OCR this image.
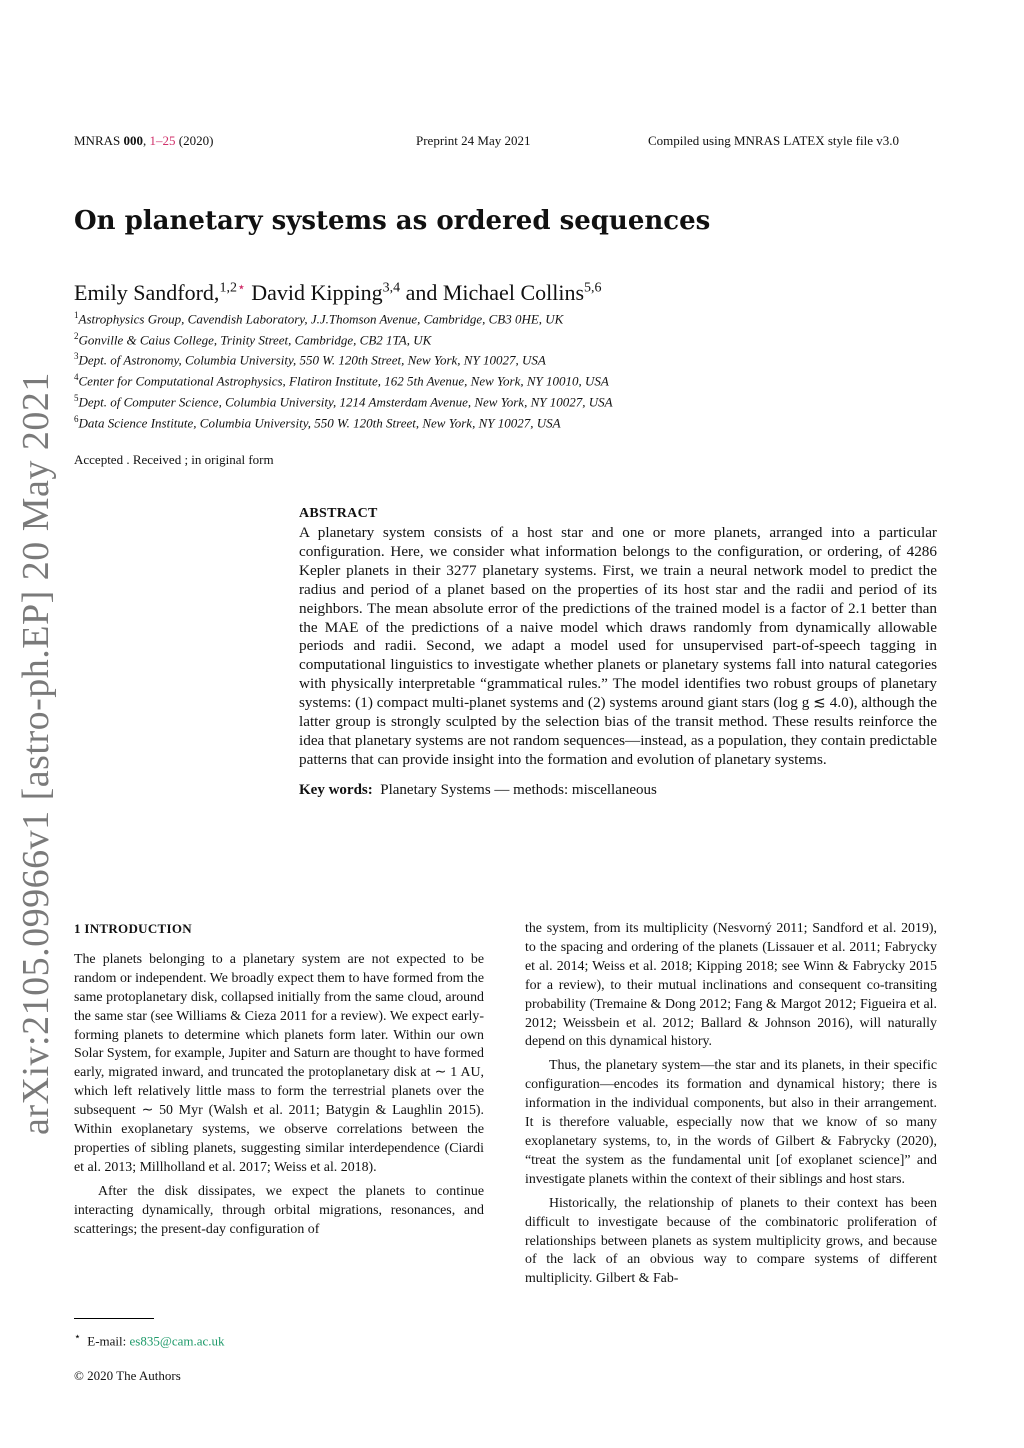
MNRAS 000, 1–25 (2020)	Preprint 24 May 2021	Compiled using MNRAS LATEX style file v3.0
arXiv:2105.09966v1 [astro-ph.EP] 20 May 2021
On planetary systems as ordered sequences
Emily Sandford,$^{1,2⋆}$ David Kipping$^{3,4}$ and Michael Collins$^{5,6}$
$^1$Astrophysics Group, Cavendish Laboratory, J.J.Thomson Avenue, Cambridge, CB3 0HE, UK
$^2$Gonville & Caius College, Trinity Street, Cambridge, CB2 1TA, UK
$^3$Dept. of Astronomy, Columbia University, 550 W. 120th Street, New York, NY 10027, USA
$^4$Center for Computational Astrophysics, Flatiron Institute, 162 5th Avenue, New York, NY 10010, USA
$^5$Dept. of Computer Science, Columbia University, 1214 Amsterdam Avenue, New York, NY 10027, USA
$^6$Data Science Institute, Columbia University, 550 W. 120th Street, New York, NY 10027, USA
Accepted . Received ; in original form
ABSTRACT

A planetary system consists of a host star and one or more planets, arranged into a particular configuration. Here, we consider what information belongs to the configuration, or ordering, of 4286 Kepler planets in their 3277 planetary systems. First, we train a neural network model to predict the radius and period of a planet based on the properties of its host star and the radii and period of its neighbors. The mean absolute error of the predictions of the trained model is a factor of 2.1 better than the MAE of the predictions of a naive model which draws randomly from dynamically allowable periods and radii. Second, we adapt a model used for unsupervised part-of-speech tagging in computational linguistics to investigate whether planets or planetary systems fall into natural categories with physically interpretable “grammatical rules.” The model identifies two robust groups of planetary systems: (1) compact multi-planet systems and (2) systems around giant stars (log g ≲ 4.0), although the latter group is strongly sculpted by the selection bias of the transit method. These results reinforce the idea that planetary systems are not random sequences—instead, as a population, they contain predictable patterns that can provide insight into the formation and evolution of planetary systems.

Key words: Planetary Systems — methods: miscellaneous
1 INTRODUCTION

The planets belonging to a planetary system are not expected to be random or independent. We broadly expect them to have formed from the same protoplanetary disk, collapsed initially from the same cloud, around the same star (see Williams & Cieza 2011 for a review). We expect early-forming planets to determine which planets form later. Within our own Solar System, for example, Jupiter and Saturn are thought to have formed early, migrated inward, and truncated the protoplanetary disk at ∼ 1 AU, which left relatively little mass to form the terrestrial planets over the subsequent ∼ 50 Myr (Walsh et al. 2011; Batygin & Laughlin 2015). Within exoplanetary systems, we observe correlations between the properties of sibling planets, suggesting similar interdependence (Ciardi et al. 2013; Millholland et al. 2017; Weiss et al. 2018).

After the disk dissipates, we expect the planets to continue interacting dynamically, through orbital migrations, resonances, and scatterings; the present-day configuration of

the system, from its multiplicity (Nesvorný 2011; Sandford et al. 2019), to the spacing and ordering of the planets (Lissauer et al. 2011; Fabrycky et al. 2014; Weiss et al. 2018; Kipping 2018; see Winn & Fabrycky 2015 for a review), to their mutual inclinations and consequent co-transiting probability (Tremaine & Dong 2012; Fang & Margot 2012; Figueira et al. 2012; Weissbein et al. 2012; Ballard & Johnson 2016), will naturally depend on this dynamical history.

Thus, the planetary system—the star and its planets, in their specific configuration—encodes its formation and dynamical history; there is information in the individual components, but also in their arrangement. It is therefore valuable, especially now that we know of so many exoplanetary systems, to, in the words of Gilbert & Fabrycky (2020), “treat the system as the fundamental unit [of exoplanet science]” and investigate planets within the context of their siblings and host stars.

Historically, the relationship of planets to their context has been difficult to investigate because of the combinatoric proliferation of relationships between planets as system multiplicity grows, and because of the lack of an obvious way to compare systems of different multiplicity. Gilbert & Fab-

⋆ E-mail: es835@cam.ac.uk
© 2020 The Authors
